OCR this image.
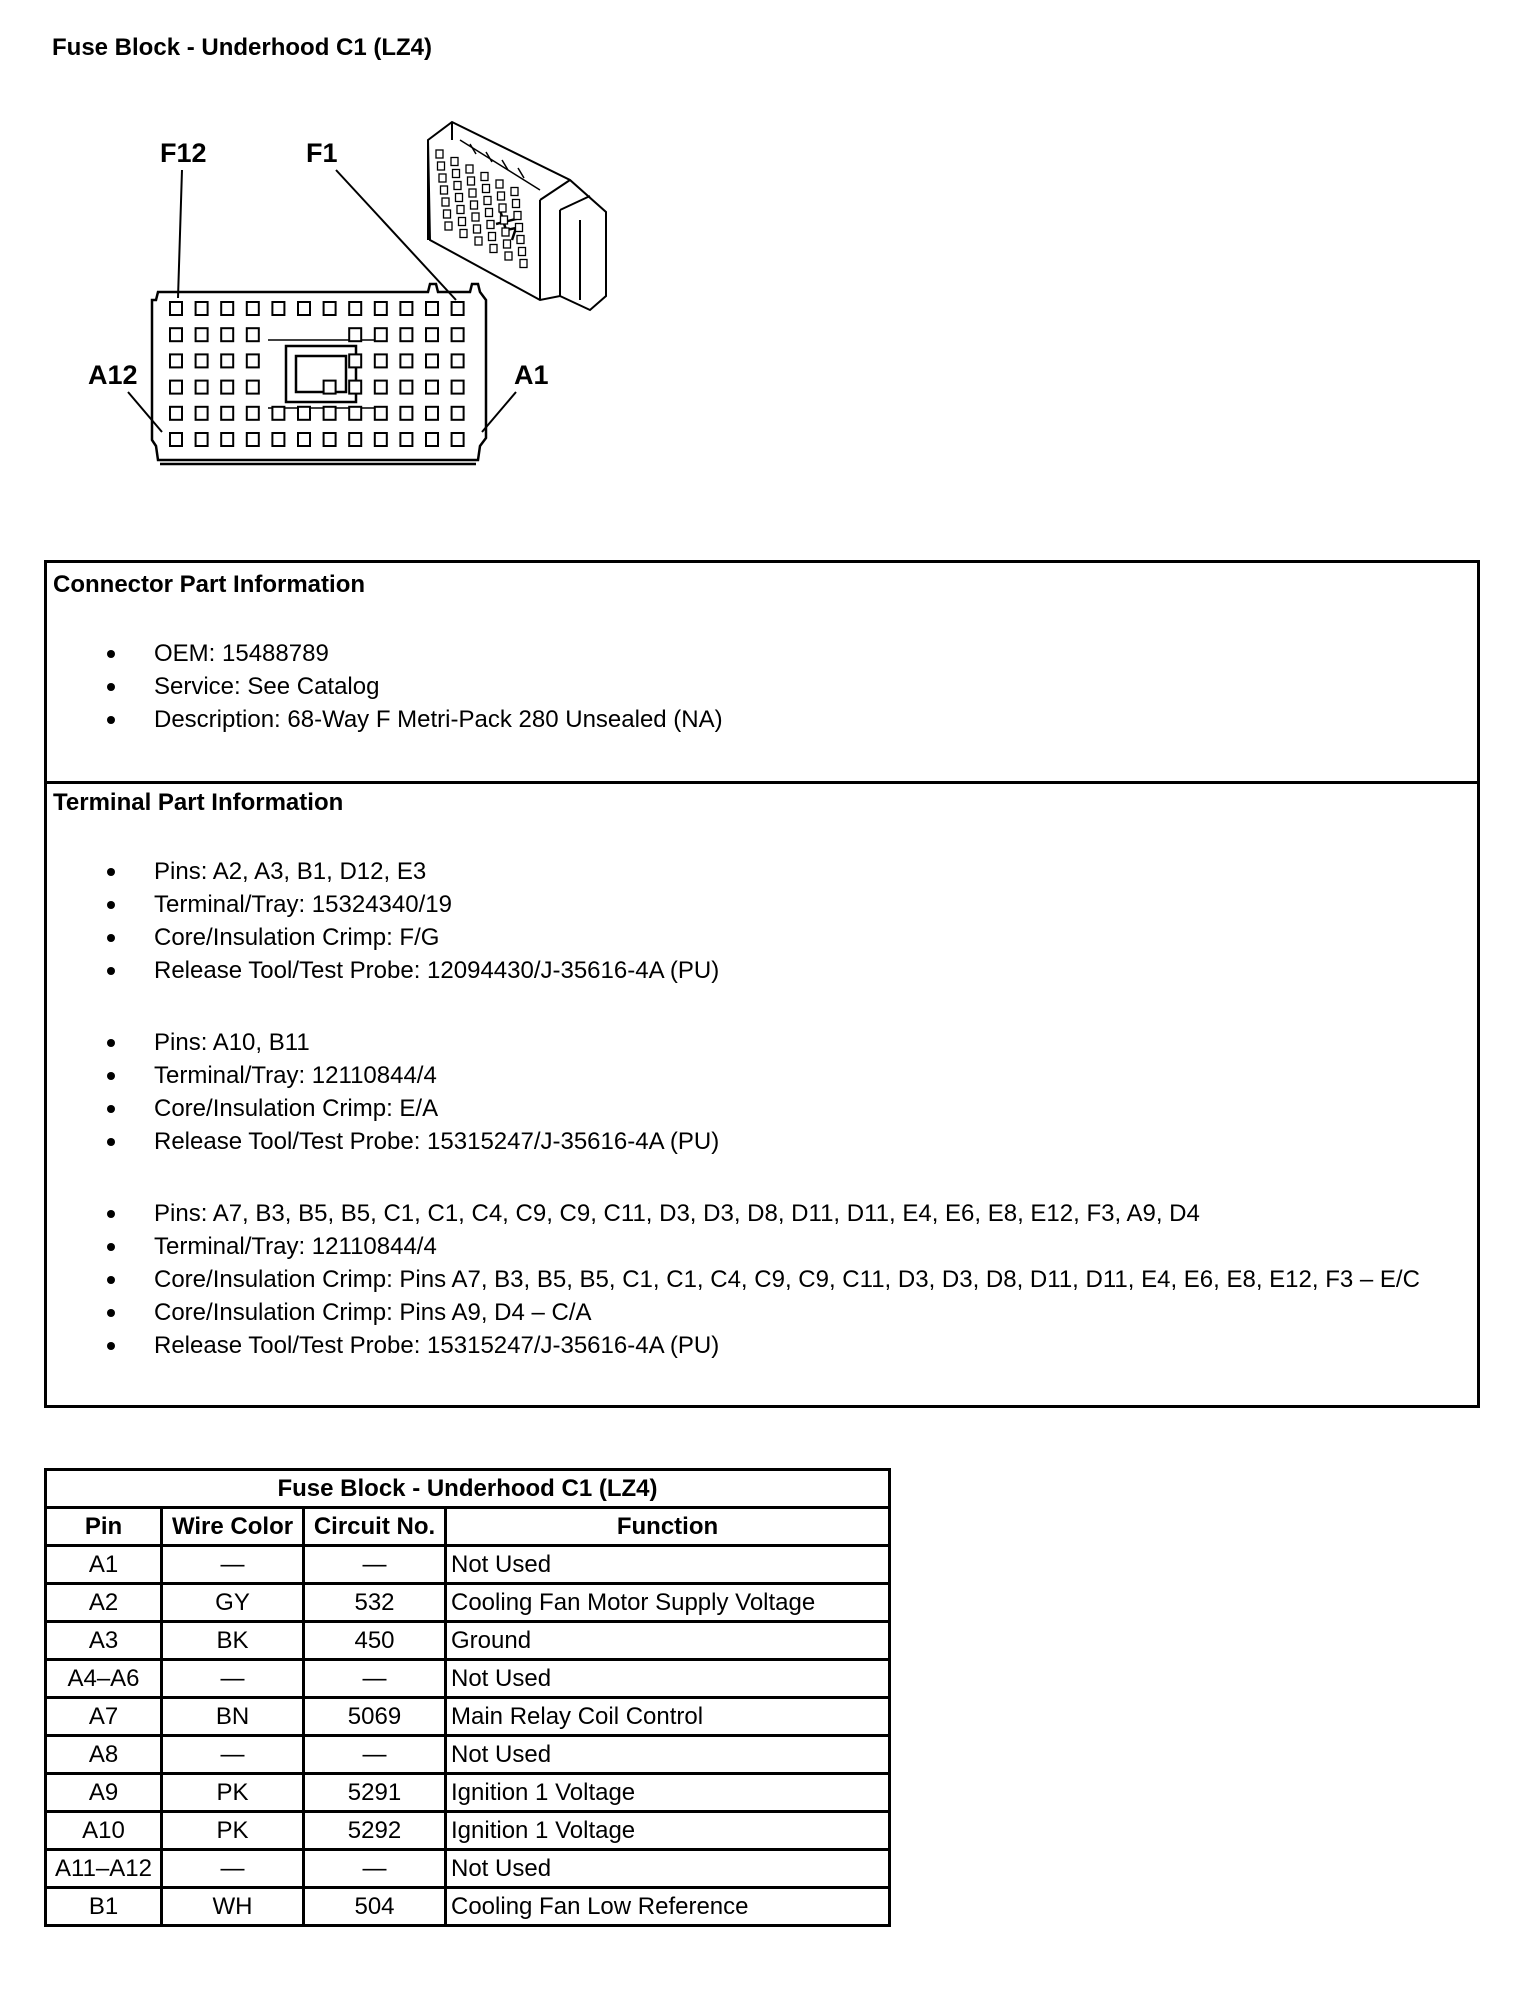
Fuse Block - Underhood C1 (LZ4)
F12	F1
A12	A1
Connector Part Information
OEM: 15488789
Service: See Catalog
Description: 68-Way F Metri-Pack 280 Unsealed (NA)
Terminal Part Information
Pins: A2, A3, B1, D12, E3
Terminal/Tray: 15324340/19
Core/Insulation Crimp: F/G
Release Tool/Test Probe: 12094430/J-35616-4A (PU)
Pins: A10, B11
Terminal/Tray: 12110844/4
Core/Insulation Crimp: E/A
Release Tool/Test Probe: 15315247/J-35616-4A (PU)
Pins: A7, B3, B5, B5, C1, C1, C4, C9, C9, C11, D3, D3, D8, D11, D11, E4, E6, E8, E12, F3, A9, D4
Terminal/Tray: 12110844/4
Core/Insulation Crimp: Pins A7, B3, B5, B5, C1, C1, C4, C9, C9, C11, D3, D3, D8, D11, D11, E4, E6, E8, E12, F3 – E/C
Core/Insulation Crimp: Pins A9, D4 – C/A
Release Tool/Test Probe: 15315247/J-35616-4A (PU)
Fuse Block - Underhood C1 (LZ4)			
Pin	Wire Color	Circuit No.	Function
A1	—	—	Not Used
A2	GY	532	Cooling Fan Motor Supply Voltage
A3	BK	450	Ground
A4–A6	—	—	Not Used
A7	BN	5069	Main Relay Coil Control
A8	—	—	Not Used
A9	PK	5291	Ignition 1 Voltage
A10	PK	5292	Ignition 1 Voltage
A11–A12	—	—	Not Used
B1	WH	504	Cooling Fan Low Reference
